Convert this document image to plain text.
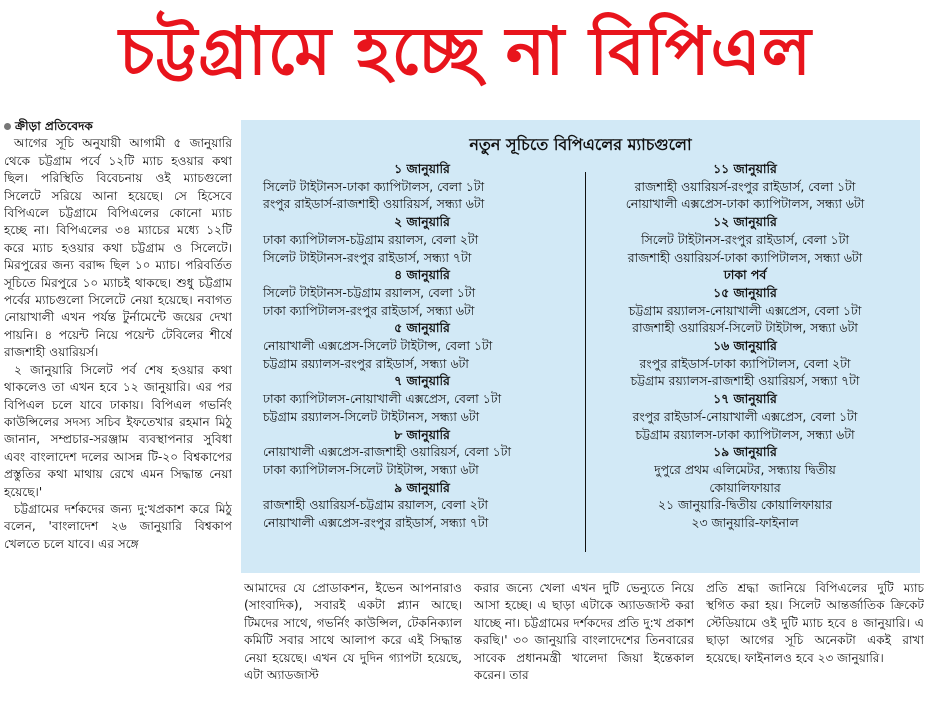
চট্টগ্রামে হচ্ছে না বিপিএল
ক্রীড়া প্রতিবেদক

আগের সূচি অনুযায়ী আগামী ৫ জানুয়ারি থেকে চট্টগ্রাম পর্বে ১২টি ম্যাচ হওয়ার কথা ছিল। পরিস্থিতি বিবেচনায় ওই ম্যাচগুলো সিলেটে সরিয়ে আনা হয়েছে। সে হিসেবে বিপিএলে চট্টগ্রামে বিপিএলের কোনো ম্যাচ হচ্ছে না। বিপিএলের ৩৪ ম্যাচের মধ্যে ১২টি করে ম্যাচ হওয়ার কথা চট্টগ্রাম ও সিলেটে। মিরপুরের জন্য বরাদ্দ ছিল ১০ ম্যাচ। পরিবর্তিত সূচিতে মিরপুরে ১০ ম্যাচই থাকছে। শুধু চট্টগ্রাম পর্বের ম্যাচগুলো সিলেটে নেয়া হয়েছে। নবাগত নোয়াখালী এখন পর্যন্ত টুর্নামেন্টে জয়ের দেখা পায়নি। ৪ পয়েন্ট নিয়ে পয়েন্ট টেবিলের শীর্ষে রাজশাহী ওয়ারিয়র্স।

২ জানুয়ারি সিলেট পর্ব শেষ হওয়ার কথা থাকলেও তা এখন হবে ১২ জানুয়ারি। এর পর বিপিএল চলে যাবে ঢাকায়। বিপিএল গভর্নিং কাউন্সিলের সদস্য সচিব ইফতেখার রহমান মিঠু জানান, সম্প্রচার-সরঞ্জাম ব্যবস্থাপনার সুবিধা এবং বাংলাদেশ দলের আসন্ন টি-২০ বিশ্বকাপের প্রস্তুতির কথা মাথায় রেখে এমন সিদ্ধান্ত নেয়া হয়েছে।'

চট্টগ্রামের দর্শকদের জন্য দু:খপ্রকাশ করে মিঠু বলেন, 'বাংলাদেশ ২৬ জানুয়ারি বিশ্বকাপ খেলতে চলে যাবে। এর সঙ্গে

নতুন সূচিতে বিপিএলের ম্যাচগুলো
১ জানুয়ারি
সিলেট টাইটানস-ঢাকা ক্যাপিটালস, বেলা ১টা
রংপুর রাইডার্স-রাজশাহী ওয়ারিয়র্স, সন্ধ্যা ৬টা
২ জানুয়ারি
ঢাকা ক্যাপিটালস-চট্টগ্রাম রয়ালস, বেলা ২টা
সিলেট টাইটানস-রংপুর রাইডার্স, সন্ধ্যা ৭টা
৪ জানুয়ারি
সিলেট টাইটানস-চট্টগ্রাম রয়ালস, বেলা ১টা
ঢাকা ক্যাপিটালস-রংপুর রাইডার্স, সন্ধ্যা ৬টা
৫ জানুয়ারি
নোয়াখালী এক্সপ্রেস-সিলেট টাইটান্স, বেলা ১টা
চট্টগ্রাম রয়্যালস-রংপুর রাইডার্স, সন্ধ্যা ৬টা
৭ জানুয়ারি
ঢাকা ক্যাপিটালস-নোয়াখালী এক্সপ্রেস, বেলা ১টা
চট্টগ্রাম রয়্যালস-সিলেট টাইটানস, সন্ধ্যা ৬টা
৮ জানুয়ারি
নোয়াখালী এক্সপ্রেস-রাজশাহী ওয়ারিয়র্স, বেলা ১টা
ঢাকা ক্যাপিটালস-সিলেট টাইটান্স, সন্ধ্যা ৬টা
৯ জানুয়ারি
রাজশাহী ওয়ারিয়র্স-চট্টগ্রাম রয়ালস, বেলা ২টা
নোয়াখালী এক্সপ্রেস-রংপুর রাইডার্স, সন্ধ্যা ৭টা
১১ জানুয়ারি
রাজশাহী ওয়ারিয়র্স-রংপুর রাইডার্স, বেলা ১টা
নোয়াখালী এক্সপ্রেস-ঢাকা ক্যাপিটালস, সন্ধ্যা ৬টা
১২ জানুয়ারি
সিলেট টাইটানস-রংপুর রাইডার্স, বেলা ১টা
রাজশাহী ওয়ারিয়র্স-ঢাকা ক্যাপিটালস, সন্ধ্যা ৬টা
ঢাকা পর্ব
১৫ জানুয়ারি
চট্টগ্রাম রয়্যালস-নোয়াখালী এক্সপ্রেস, বেলা ১টা
রাজশাহী ওয়ারিয়র্স-সিলেট টাইটান্স, সন্ধ্যা ৬টা
১৬ জানুয়ারি
রংপুর রাইডার্স-ঢাকা ক্যাপিটালস, বেলা ২টা
চট্টগ্রাম রয়্যালস-রাজশাহী ওয়ারিয়র্স, সন্ধ্যা ৭টা
১৭ জানুয়ারি
রংপুর রাইডার্স-নোয়াখালী এক্সপ্রেস, বেলা ১টা
চট্টগ্রাম রয়্যালস-ঢাকা ক্যাপিটালস, সন্ধ্যা ৬টা
১৯ জানুয়ারি
দুপুরে প্রথম এলিমেটর, সন্ধ্যায় দ্বিতীয়
কোয়ালিফায়ার
২১ জানুয়ারি-দ্বিতীয় কোয়ালিফায়ার
২৩ জানুয়ারি-ফাইনাল

আমাদের যে প্রোডাকশন, ইভেন আপনারাও (সাংবাদিক), সবারই একটা প্ল্যান আছে। টিমদের সাথে, গভর্নিং কাউন্সিল, টেকনিক্যাল কমিটি সবার সাথে আলাপ করে এই সিদ্ধান্ত নেয়া হয়েছে। এখন যে দুদিন গ্যাপটা হয়েছে, এটা অ্যাডজাস্ট

করার জন্যে খেলা এখন দুটি ভেন্যুতে নিয়ে আসা হচ্ছে। এ ছাড়া এটাকে অ্যাডজাস্ট করা যাচ্ছে না। চট্টগ্রামের দর্শকদের প্রতি দু:খ প্রকাশ করছি।' ৩০ জানুয়ারি বাংলাদেশের তিনবারের সাবেক প্রধানমন্ত্রী খালেদা জিয়া ইন্তেকাল করেন। তার

প্রতি শ্রদ্ধা জানিয়ে বিপিএলের দুটি ম্যাচ স্থগিত করা হয়। সিলেট আন্তর্জাতিক ক্রিকেট স্টেডিয়ামে ওই দুটি ম্যাচ হবে ৪ জানুয়ারি। এ ছাড়া আগের সূচি অনেকটা একই রাখা হয়েছে। ফাইনালও হবে ২৩ জানুয়ারি।
